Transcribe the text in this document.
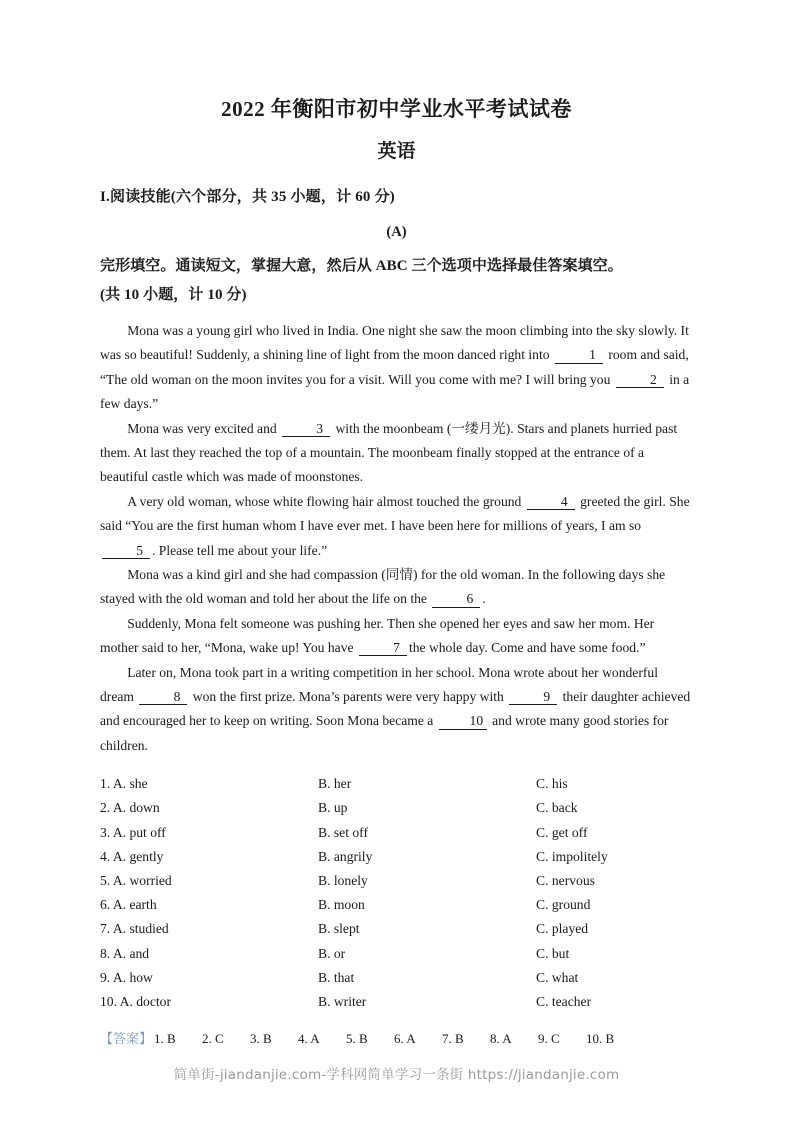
2022 年衡阳市初中学业水平考试试卷
英语
I.阅读技能(六个部分，共 35 小题，计 60 分)
(A)
完形填空。通读短文，掌握大意，然后从 ABC 三个选项中选择最佳答案填空。
(共 10 小题，计 10 分)

Mona was a young girl who lived in India. One night she saw the moon climbing into the sky slowly. It was so beautiful! Suddenly, a shining line of light from the moon danced right into	1 room and said, “The old woman on the moon invites you for a visit. Will you come with me? I will bring you	2 in a few days.”

Mona was very excited and	3 with the moonbeam (一缕月光). Stars and planets hurried past them. At last they reached the top of a mountain. The moonbeam finally stopped at the entrance of a beautiful castle which was made of moonstones.

A very old woman, whose white flowing hair almost touched the ground	4 greeted the girl. She said “You are the first human whom I have ever met. I have been here for millions of years, I am so 5 . Please tell me about your life.”

Mona was a kind girl and she had compassion (同情) for the old woman. In the following days she stayed with the old woman and told her about the life on the	6 .

Suddenly, Mona felt someone was pushing her. Then she opened her eyes and saw her mom. Her mother said to her, “Mona, wake up! You have	7 the whole day. Come and have some food.”

Later on, Mona took part in a writing competition in her school. Mona wrote about her wonderful dream	8 won the first prize. Mona’s parents were very happy with	9 their daughter achieved and encouraged her to keep on writing. Soon Mona became a 10 and wrote many good stories for children.

1. A. she	B. her	C. his
2. A. down	B. up	C. back
3. A. put off	B. set off	C. get off
4. A. gently	B. angrily	C. impolitely
5. A. worried	B. lonely	C. nervous
6. A. earth	B. moon	C. ground
7. A. studied	B. slept	C. played
8. A. and	B. or	C. but
9. A. how	B. that	C. what
10. A. doctor	B. writer	C. teacher
【答案】 1. B 2. C 3. B 4. A 5. B 6. A 7. B 8. A 9. C 10. B
简单街-jiandanjie.com-学科网简单学习一条街 https://jiandanjie.com
